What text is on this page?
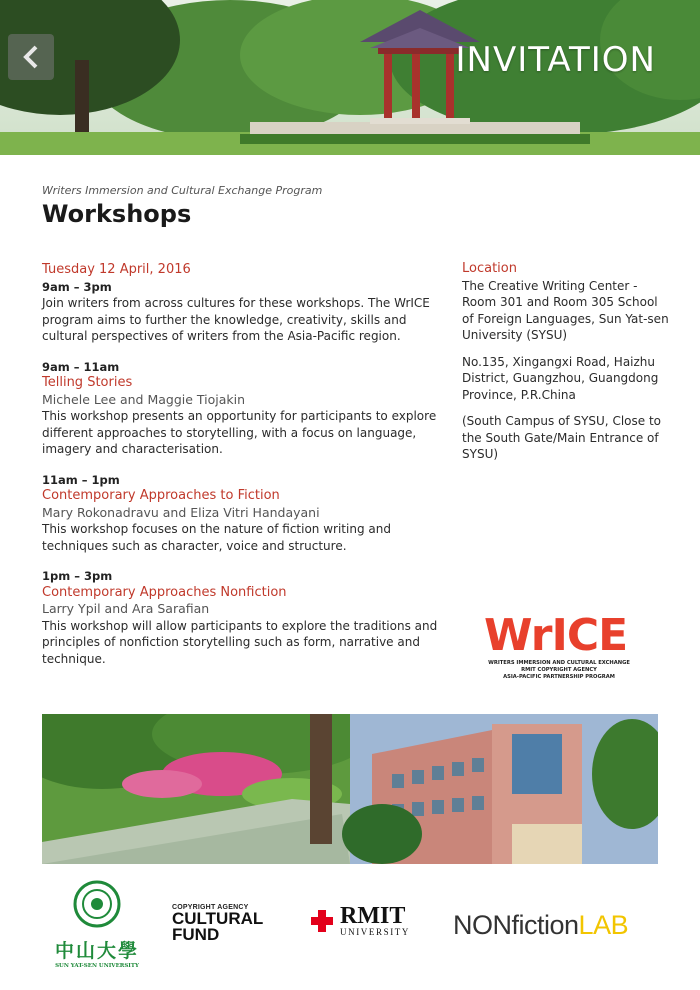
INVITATION
Writers Immersion and Cultural Exchange Program
Workshops
Tuesday 12 April, 2016
9am – 3pm
Join writers from across cultures for these workshops. The WrICE program aims to further the knowledge, creativity, skills and cultural perspectives of writers from the Asia-Pacific region.
9am – 11am
Telling Stories
Michele Lee and Maggie Tiojakin
This workshop presents an opportunity for participants to explore different approaches to storytelling, with a focus on language, imagery and characterisation.
11am – 1pm
Contemporary Approaches to Fiction
Mary Rokonadravu and Eliza Vitri Handayani
This workshop focuses on the nature of fiction writing and techniques such as character, voice and structure.
1pm – 3pm
Contemporary Approaches Nonfiction
Larry Ypil and Ara Sarafian
This workshop will allow participants to explore the traditions and principles of nonfiction storytelling such as form, narrative and technique.
Location

The Creative Writing Center - Room 301 and Room 305 School of Foreign Languages, Sun Yat-sen University (SYSU)

No.135, Xingangxi Road, Haizhu District, Guangzhou, Guangdong Province, P.R.China

(South Campus of SYSU, Close to the South Gate/Main Entrance of SYSU)

WrICE
WRITERS IMMERSION AND CULTURAL EXCHANGE
RMIT COPYRIGHT AGENCY
ASIA-PACIFIC PARTNERSHIP PROGRAM
中山大學
SUN YAT-SEN UNIVERSITY
COPYRIGHT AGENCY
CULTURAL
FUND
RMIT
UNIVERSITY NONfictionLAB
